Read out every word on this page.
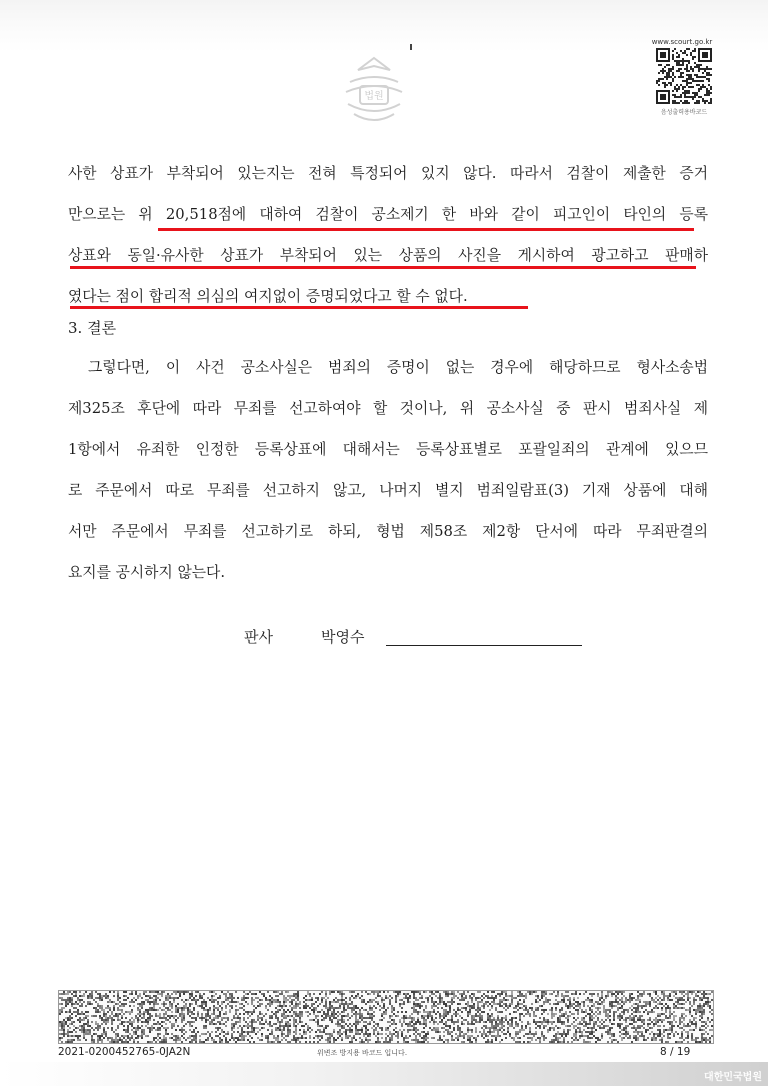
법원
www.scourt.go.kr
음성출력용바코드
사한 상표가 부착되어 있는지는 전혀 특정되어 있지 않다. 따라서 검찰이 제출한 증거
만으로는 위 20,518점에 대하여 검찰이 공소제기 한 바와 같이 피고인이 타인의 등록
상표와 동일·유사한 상표가 부착되어 있는 상품의 사진을 게시하여 광고하고 판매하
였다는 점이 합리적 의심의 여지없이 증명되었다고 할 수 없다.
3. 결론
그렇다면, 이 사건 공소사실은 범죄의 증명이 없는 경우에 해당하므로 형사소송법
제325조 후단에 따라 무죄를 선고하여야 할 것이나, 위 공소사실 중 판시 범죄사실 제
1항에서 유죄한 인정한 등록상표에 대해서는 등록상표별로 포괄일죄의 관계에 있으므
로 주문에서 따로 무죄를 선고하지 않고, 나머지 별지 범죄일람표(3) 기재 상품에 대해
서만 주문에서 무죄를 선고하기로 하되, 형법 제58조 제2항 단서에 따라 무죄판결의
요지를 공시하지 않는다.
판사	박영수
2021-0200452765-0JA2N	위변조 방지용 바코드 입니다.	8 / 19
대한민국법원
